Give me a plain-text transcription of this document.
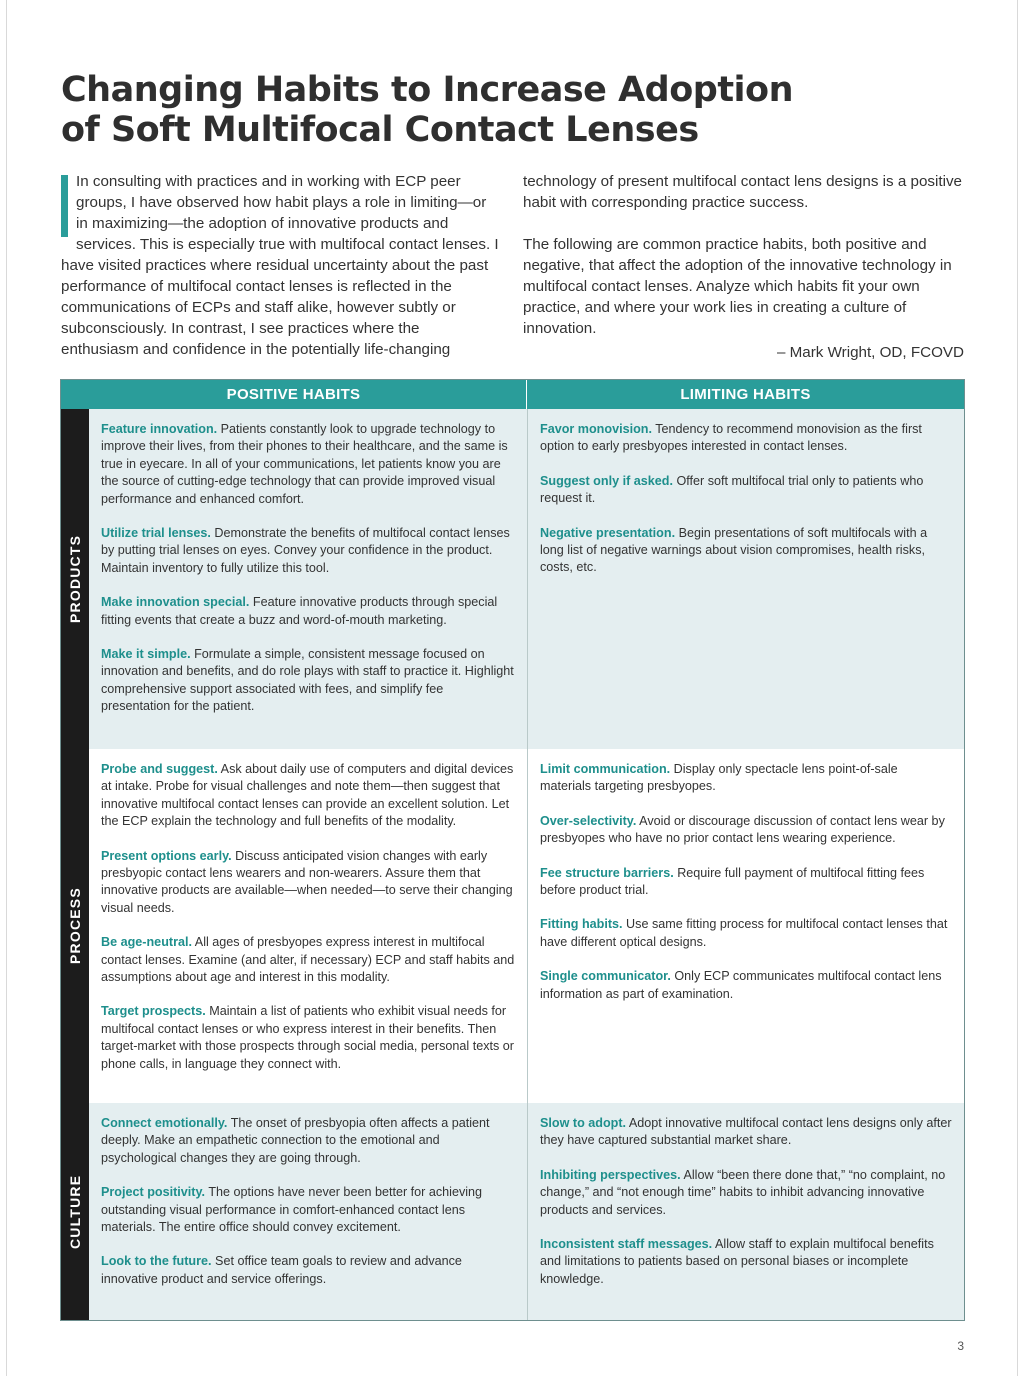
Changing Habits to Increase Adoption
of Soft Multifocal Contact Lenses

In consulting with practices and in working with ECP peer groups, I have observed how habit plays a role in limiting—or in maximizing—the adoption of innovative products and services. This is especially true with multifocal contact lenses. I have visited practices where residual uncertainty about the past performance of multifocal contact lenses is reflected in the communications of ECPs and staff alike, however subtly or subconsciously. In contrast, I see practices where the enthusiasm and confidence in the potentially life-changing

technology of present multifocal contact lens designs is a positive habit with corresponding practice success.

The following are common practice habits, both positive and negative, that affect the adoption of the innovative technology in multifocal contact lenses. Analyze which habits fit your own practice, and where your work lies in creating a culture of innovation.

– Mark Wright, OD, FCOVD
POSITIVE HABITS	LIMITING HABITS
PRODUCTS
PROCESS
CULTURE

Feature innovation. Patients constantly look to upgrade technology to improve their lives, from their phones to their healthcare, and the same is true in eyecare. In all of your communications, let patients know you are the source of cutting-edge technology that can provide improved visual performance and enhanced comfort.

Utilize trial lenses. Demonstrate the benefits of multifocal contact lenses by putting trial lenses on eyes. Convey your confidence in the product. Maintain inventory to fully utilize this tool.

Make innovation special. Feature innovative products through special fitting events that create a buzz and word-of-mouth marketing.

Make it simple. Formulate a simple, consistent message focused on innovation and benefits, and do role plays with staff to practice it. Highlight comprehensive support associated with fees, and simplify fee presentation for the patient.

Favor monovision. Tendency to recommend monovision as the first option to early presbyopes interested in contact lenses.

Suggest only if asked. Offer soft multifocal trial only to patients who request it.

Negative presentation. Begin presentations of soft multifocals with a long list of negative warnings about vision compromises, health risks, costs, etc.

Probe and suggest. Ask about daily use of computers and digital devices at intake. Probe for visual challenges and note them—then suggest that innovative multifocal contact lenses can provide an excellent solution. Let the ECP explain the technology and full benefits of the modality.

Present options early. Discuss anticipated vision changes with early presbyopic contact lens wearers and non-wearers. Assure them that innovative products are available—when needed—to serve their changing visual needs.

Be age-neutral. All ages of presbyopes express interest in multifocal contact lenses. Examine (and alter, if necessary) ECP and staff habits and assumptions about age and interest in this modality.

Target prospects. Maintain a list of patients who exhibit visual needs for multifocal contact lenses or who express interest in their benefits. Then target-market with those prospects through social media, personal texts or phone calls, in language they connect with.

Limit communication. Display only spectacle lens point-of-sale materials targeting presbyopes.

Over-selectivity. Avoid or discourage discussion of contact lens wear by presbyopes who have no prior contact lens wearing experience.

Fee structure barriers. Require full payment of multifocal fitting fees before product trial.

Fitting habits. Use same fitting process for multifocal contact lenses that have different optical designs.

Single communicator. Only ECP communicates multifocal contact lens information as part of examination.

Connect emotionally. The onset of presbyopia often affects a patient deeply. Make an empathetic connection to the emotional and psychological changes they are going through.

Project positivity. The options have never been better for achieving outstanding visual performance in comfort-enhanced contact lens materials. The entire office should convey excitement.

Look to the future. Set office team goals to review and advance innovative product and service offerings.

Slow to adopt. Adopt innovative multifocal contact lens designs only after they have captured substantial market share.

Inhibiting perspectives. Allow “been there done that,” “no complaint, no change,” and “not enough time” habits to inhibit advancing innovative products and services.

Inconsistent staff messages. Allow staff to explain multifocal benefits and limitations to patients based on personal biases or incomplete knowledge.

3
